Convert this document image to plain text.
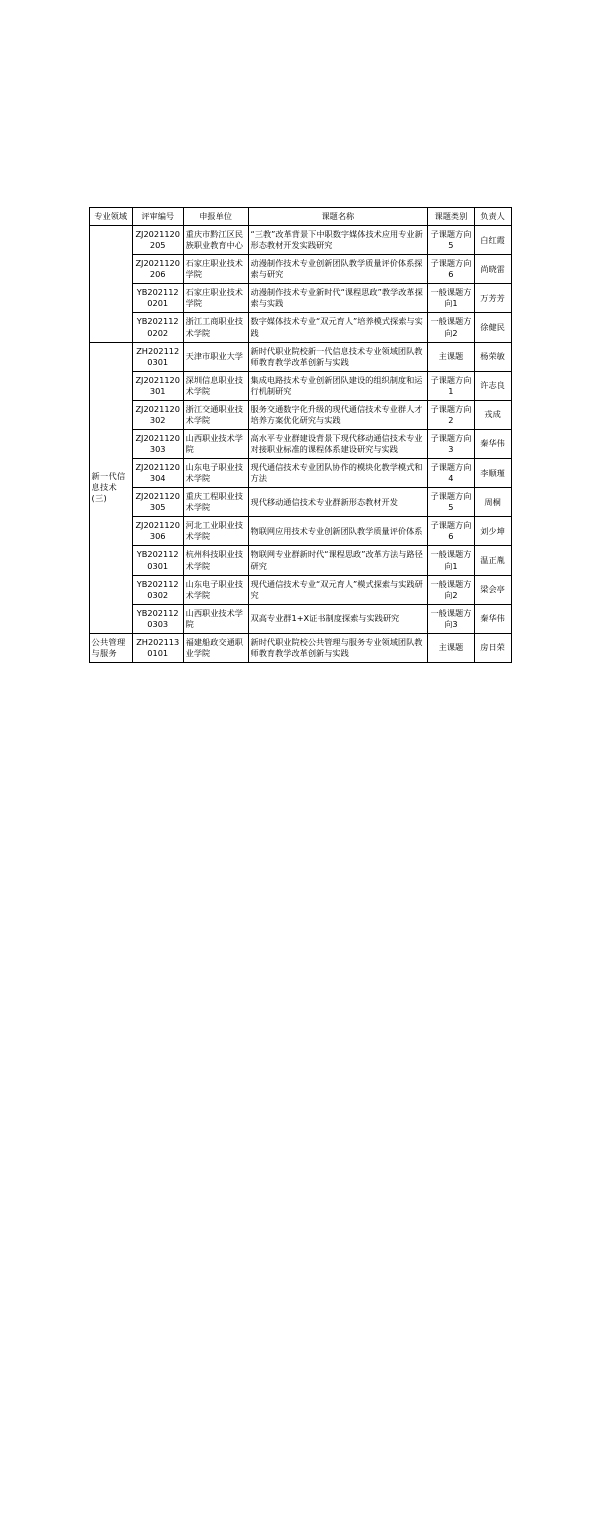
专业领域	评审编号	申报单位	课题名称	课题类别	负责人
	ZJ2021120205	重庆市黔江区民族职业教育中心	“三教”改革背景下中职数字媒体技术应用专业新形态教材开发实践研究	子课题方向5	白红霞
	ZJ2021120206	石家庄职业技术学院	动漫制作技术专业创新团队教学质量评价体系探索与研究	子课题方向6	尚晓雷
	YB2021120201	石家庄职业技术学院	动漫制作技术专业新时代“课程思政”教学改革探索与实践	一般课题方向1	万芳芳
	YB2021120202	浙江工商职业技术学院	数字媒体技术专业“双元育人”培养模式探索与实践	一般课题方向2	徐健民
新一代信息技术(三)	ZH2021120301	天津市职业大学	新时代职业院校新一代信息技术专业领域团队教师教育教学改革创新与实践	主课题	杨荣敏
	ZJ2021120301	深圳信息职业技术学院	集成电路技术专业创新团队建设的组织制度和运行机制研究	子课题方向1	许志良
	ZJ2021120302	浙江交通职业技术学院	服务交通数字化升级的现代通信技术专业群人才培养方案优化研究与实践	子课题方向2	戎成
	ZJ2021120303	山西职业技术学院	高水平专业群建设背景下现代移动通信技术专业对接职业标准的课程体系建设研究与实践	子课题方向3	秦华伟
	ZJ2021120304	山东电子职业技术学院	现代通信技术专业团队协作的模块化教学模式和方法	子课题方向4	李顺瑾
	ZJ2021120305	重庆工程职业技术学院	现代移动通信技术专业群新形态教材开发	子课题方向5	周桐
	ZJ2021120306	河北工业职业技术学院	物联网应用技术专业创新团队教学质量评价体系	子课题方向6	刘少坤
	YB2021120301	杭州科技职业技术学院	物联网专业群新时代“课程思政”改革方法与路径研究	一般课题方向1	温正胤
	YB2021120302	山东电子职业技术学院	现代通信技术专业“双元育人”模式探索与实践研究	一般课题方向2	梁会亭
	YB2021120303	山西职业技术学院	双高专业群1+X证书制度探索与实践研究	一般课题方向3	秦华伟
公共管理与服务	ZH2021130101	福建船政交通职业学院	新时代职业院校公共管理与服务专业领域团队教师教育教学改革创新与实践	主课题	房日荣
